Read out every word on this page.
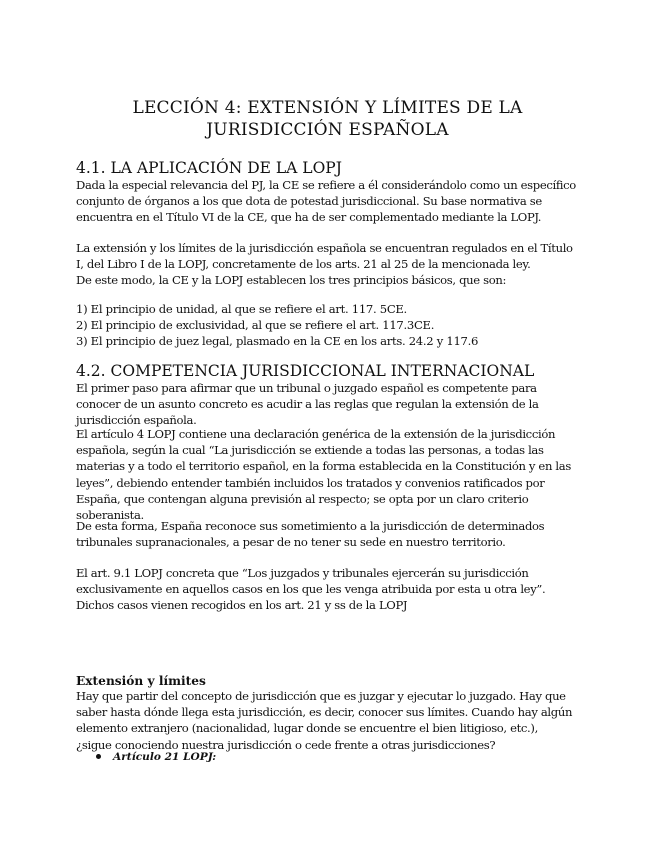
LECCIÓN 4: EXTENSIÓN Y LÍMITES DE LA JURISDICCIÓN ESPAÑOLA
4.1. LA APLICACIÓN DE LA LOPJ

Dada la especial relevancia del PJ, la CE se refiere a él considerándolo como un específico conjunto de órganos a los que dota de potestad jurisdiccional. Su base normativa se encuentra en el Título VI de la CE, que ha de ser complementado mediante la LOPJ.

La extensión y los límites de la jurisdicción española se encuentran regulados en el Título I, del Libro I de la LOPJ, concretamente de los arts. 21 al 25 de la mencionada ley.

De este modo, la CE y la LOPJ establecen los tres principios básicos, que son:

1) El principio de unidad, al que se refiere el art. 117. 5CE.
2) El principio de exclusividad, al que se refiere el art. 117.3CE.
3) El principio de juez legal, plasmado en la CE en los arts. 24.2 y 117.6
4.2. COMPETENCIA JURISDICCIONAL INTERNACIONAL

El primer paso para afirmar que un tribunal o juzgado español es competente para conocer de un asunto concreto es acudir a las reglas que regulan la extensión de la jurisdicción española.

El artículo 4 LOPJ contiene una declaración genérica de la extensión de la jurisdicción española, según la cual “La jurisdicción se extiende a todas las personas, a todas las materias y a todo el territorio español, en la forma establecida en la Constitución y en las leyes”, debiendo entender también incluidos los tratados y convenios ratificados por España, que contengan alguna previsión al respecto; se opta por un claro criterio soberanista.

De esta forma, España reconoce sus sometimiento a la jurisdicción de determinados tribunales supranacionales, a pesar de no tener su sede en nuestro territorio.

El art. 9.1 LOPJ concreta que “Los juzgados y tribunales ejercerán su jurisdicción exclusivamente en aquellos casos en los que les venga atribuida por esta u otra ley”. Dichos casos vienen recogidos en los art. 21 y ss de la LOPJ

Extensión y límites

Hay que partir del concepto de jurisdicción que es juzgar y ejecutar lo juzgado. Hay que saber hasta dónde llega esta jurisdicción, es decir, conocer sus límites. Cuando hay algún elemento extranjero (nacionalidad, lugar donde se encuentre el bien litigioso, etc.), ¿sigue conociendo nuestra jurisdicción o cede frente a otras jurisdicciones?

Artículo 21 LOPJ:
